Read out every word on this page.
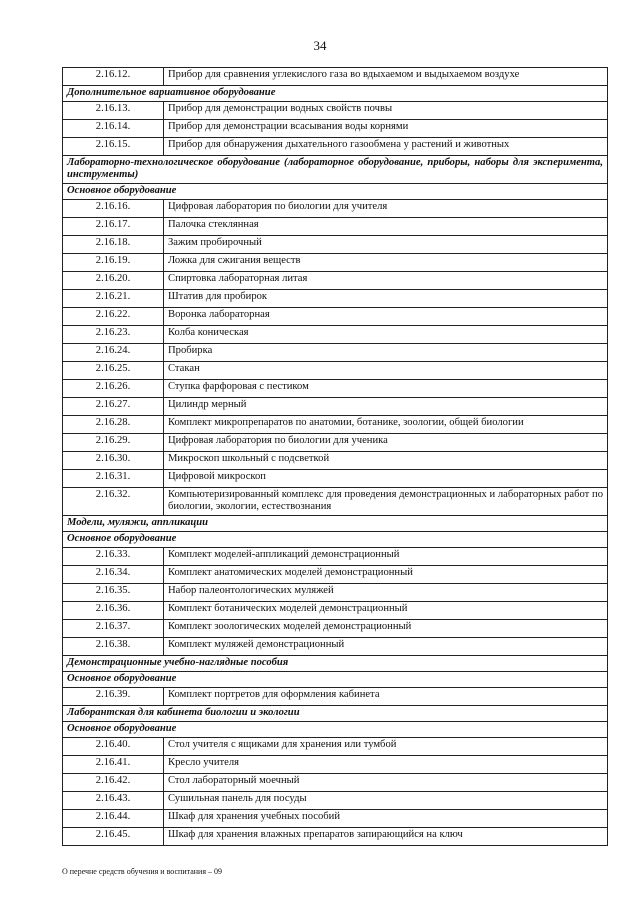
34
2.16.12.	Прибор для сравнения углекислого газа во вдыхаемом и выдыхаемом воздухе
Дополнительное вариативное оборудование	
2.16.13.	Прибор для демонстрации водных свойств почвы
2.16.14.	Прибор для демонстрации всасывания воды корнями
2.16.15.	Прибор для обнаружения дыхательного газообмена у растений и животных
Лабораторно-технологическое оборудование (лабораторное оборудование, приборы, наборы для эксперимента, инструменты)	
Основное оборудование	
2.16.16.	Цифровая лаборатория по биологии для учителя
2.16.17.	Палочка стеклянная
2.16.18.	Зажим пробирочный
2.16.19.	Ложка для сжигания веществ
2.16.20.	Спиртовка лабораторная литая
2.16.21.	Штатив для пробирок
2.16.22.	Воронка лабораторная
2.16.23.	Колба коническая
2.16.24.	Пробирка
2.16.25.	Стакан
2.16.26.	Ступка фарфоровая с пестиком
2.16.27.	Цилиндр мерный
2.16.28.	Комплект микропрепаратов по анатомии, ботанике, зоологии, общей биологии
2.16.29.	Цифровая лаборатория по биологии для ученика
2.16.30.	Микроскоп школьный с подсветкой
2.16.31.	Цифровой микроскоп
2.16.32.	Компьютеризированный комплекс для проведения демонстрационных и лабораторных работ по биологии, экологии, естествознания
Модели, муляжи, аппликации	
Основное оборудование	
2.16.33.	Комплект моделей-аппликаций демонстрационный
2.16.34.	Комплект анатомических моделей демонстрационный
2.16.35.	Набор палеонтологических муляжей
2.16.36.	Комплект ботанических моделей демонстрационный
2.16.37.	Комплект зоологических моделей демонстрационный
2.16.38.	Комплект муляжей демонстрационный
Демонстрационные учебно-наглядные пособия	
Основное оборудование	
2.16.39.	Комплект портретов для оформления кабинета
Лаборантская для кабинета биологии и экологии	
Основное оборудование	
2.16.40.	Стол учителя с ящиками для хранения или тумбой
2.16.41.	Кресло учителя
2.16.42.	Стол лабораторный моечный
2.16.43.	Сушильная панель для посуды
2.16.44.	Шкаф для хранения учебных пособий
2.16.45.	Шкаф для хранения влажных препаратов запирающийся на ключ
О перечне средств обучения и воспитания – 09
